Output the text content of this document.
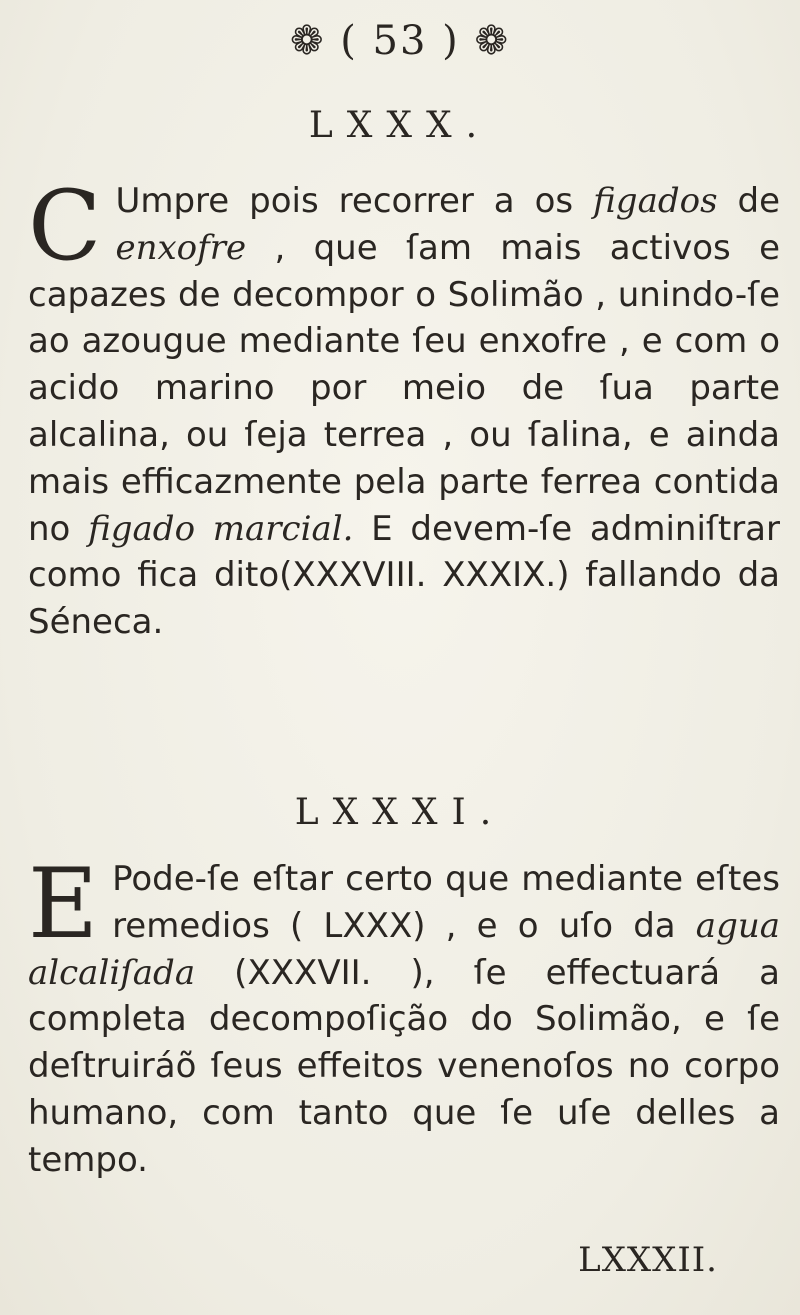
❁ ( 53 ) ❁
LXXX.

C Umpre pois recorrer a os figados de enxofre , que ſam mais activos e capazes de decompor o Solimão , unindo-ſe ao azougue mediante ſeu enxofre , e com o acido marino por meio de ſua parte alcalina, ou ſeja terrea , ou ſalina, e ainda mais efficazmente pela parte ferrea contida no figado marcial. E devem-ſe adminiſtrar como fica dito(XXXVIII. XXXIX.) fallando da Séneca.

LXXXI.

E Pode-ſe eſtar certo que mediante eſtes remedios ( LXXX) , e o uſo da agua alcaliſada (XXXVII. ), ſe effectuará a completa decompoſição do Solimão, e ſe deſtruiráõ ſeus effeitos venenoſos no corpo humano, com tanto que ſe uſe delles a tempo.

LXXXII.
